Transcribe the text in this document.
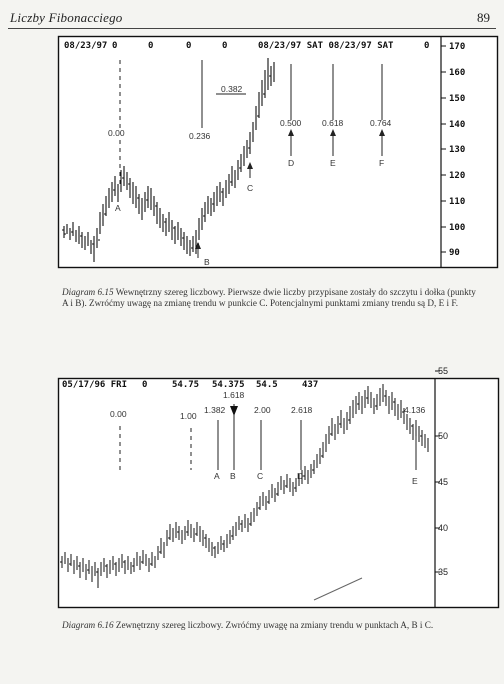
Liczby Fibonacciego	89
08/23/97 0	0	0	0	08/23/97 SAT 08/23/97 SAT	0 170
160
150
140
130
120
110
100
90
0.00	0.236
0.382
0.500 0.618	0.764
A
B
C
D	E	F

Diagram 6.15 Wewnętrzny szereg liczbowy. Pierwsze dwie liczby przypisane zostały do szczytu i dołka (punkty A i B). Zwróćmy uwagę na zmianę trendu w punkcie C. Potencjalnymi punktami zmiany trendu są D, E i F.

05/17/96 FRI 0	54.75 54.375 54.5	437
55
50
45
40
35
0.00	1.00
1.382
1.618
2.00 2.618	4.136
A B	C	D	E

Diagram 6.16 Zewnętrzny szereg liczbowy. Zwróćmy uwagę na zmiany trendu w punktach A, B i C.
